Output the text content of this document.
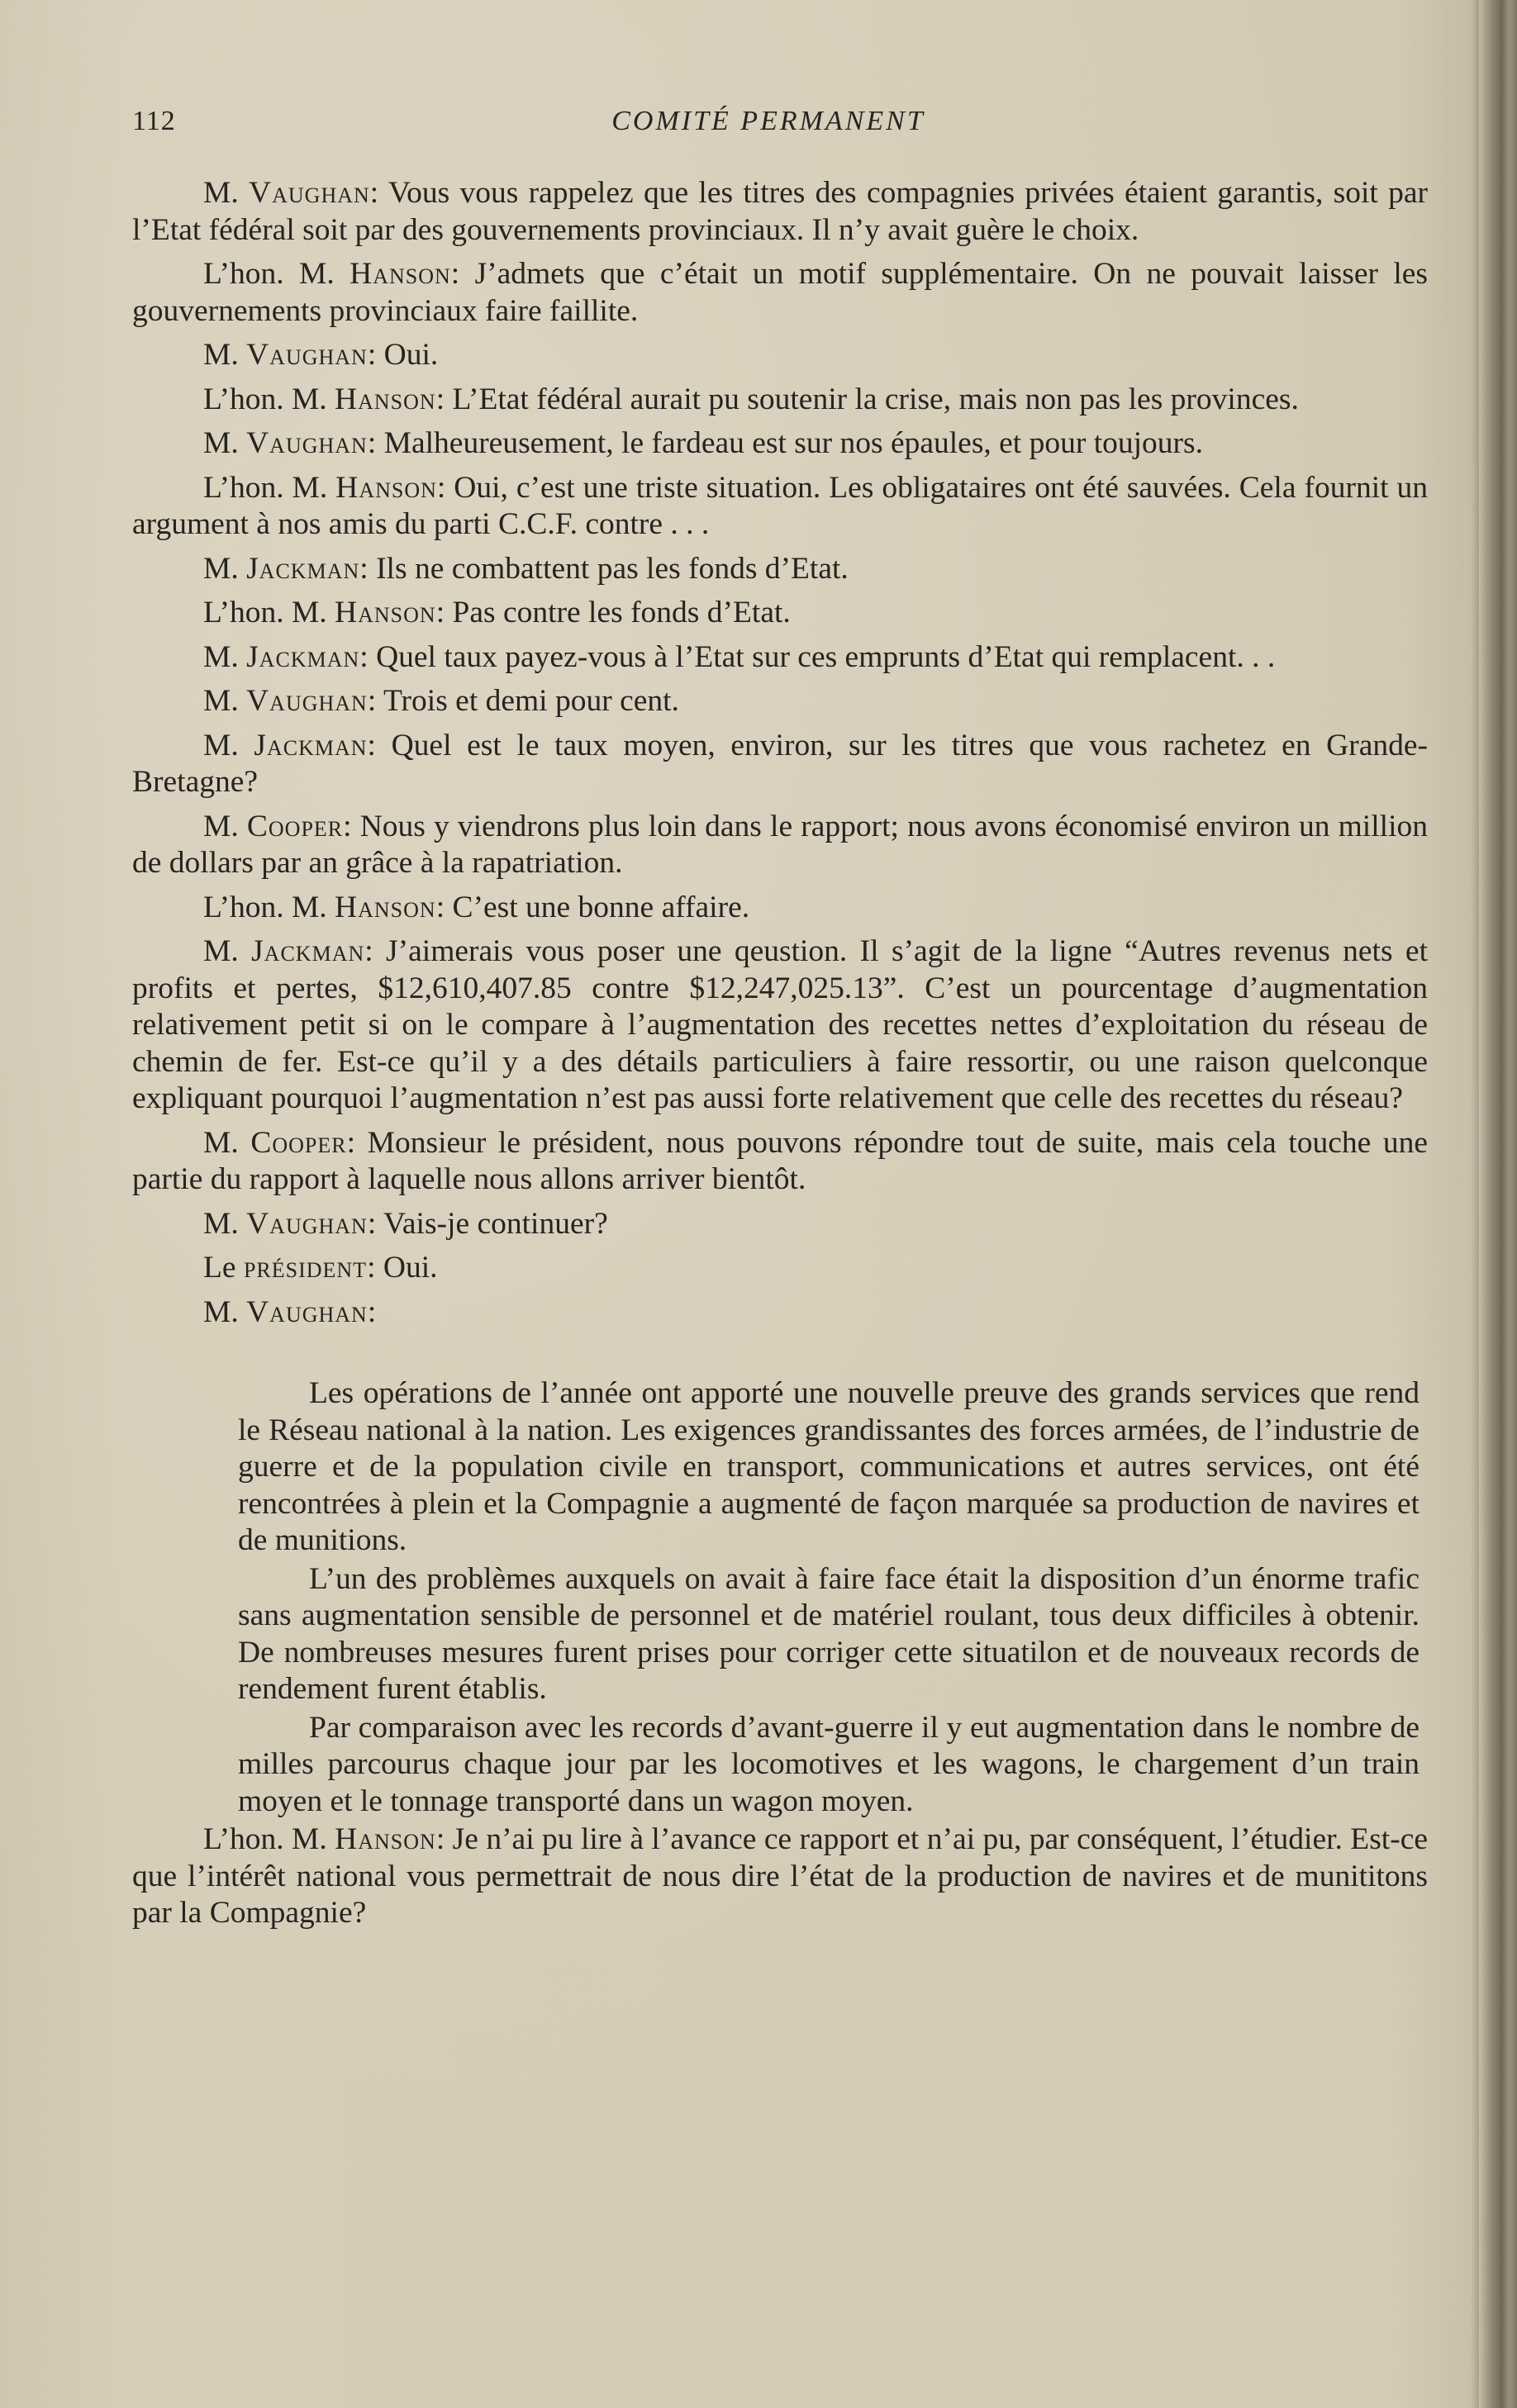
112	COMITÉ PERMANENT

M. Vaughan: Vous vous rappelez que les titres des compagnies privées étaient garantis, soit par l’Etat fédéral soit par des gouvernements provinciaux. Il n’y avait guère le choix.

L’hon. M. Hanson: J’admets que c’était un motif supplémentaire. On ne pouvait laisser les gouvernements provinciaux faire faillite.

M. Vaughan: Oui.

L’hon. M. Hanson: L’Etat fédéral aurait pu soutenir la crise, mais non pas les provinces.

M. Vaughan: Malheureusement, le fardeau est sur nos épaules, et pour toujours.

L’hon. M. Hanson: Oui, c’est une triste situation. Les obligataires ont été sauvées. Cela fournit un argument à nos amis du parti C.C.F. contre . . .

M. Jackman: Ils ne combattent pas les fonds d’Etat.

L’hon. M. Hanson: Pas contre les fonds d’Etat.

M. Jackman: Quel taux payez-vous à l’Etat sur ces emprunts d’Etat qui remplacent. . .

M. Vaughan: Trois et demi pour cent.

M. Jackman: Quel est le taux moyen, environ, sur les titres que vous rachetez en Grande-Bretagne?

M. Cooper: Nous y viendrons plus loin dans le rapport; nous avons économisé environ un million de dollars par an grâce à la rapatriation.

L’hon. M. Hanson: C’est une bonne affaire.

M. Jackman: J’aimerais vous poser une qeustion. Il s’agit de la ligne “Autres revenus nets et profits et pertes, $12,610,407.85 contre $12,247,025.13”. C’est un pourcentage d’augmentation relativement petit si on le compare à l’augmentation des recettes nettes d’exploitation du réseau de chemin de fer. Est-ce qu’il y a des détails particuliers à faire ressortir, ou une raison quelconque expliquant pourquoi l’augmentation n’est pas aussi forte relativement que celle des recettes du réseau?

M. Cooper: Monsieur le président, nous pouvons répondre tout de suite, mais cela touche une partie du rapport à laquelle nous allons arriver bientôt.

M. Vaughan: Vais-je continuer?

Le président: Oui.

M. Vaughan:

Les opérations de l’année ont apporté une nouvelle preuve des grands services que rend le Réseau national à la nation. Les exigences grandissantes des forces armées, de l’industrie de guerre et de la population civile en transport, communications et autres services, ont été rencontrées à plein et la Compagnie a augmenté de façon marquée sa production de navires et de munitions.

L’un des problèmes auxquels on avait à faire face était la disposition d’un énorme trafic sans augmentation sensible de personnel et de matériel roulant, tous deux difficiles à obtenir. De nombreuses mesures furent prises pour corriger cette situatilon et de nouveaux records de rendement furent établis.

Par comparaison avec les records d’avant-guerre il y eut augmentation dans le nombre de milles parcourus chaque jour par les locomotives et les wagons, le chargement d’un train moyen et le tonnage transporté dans un wagon moyen.

L’hon. M. Hanson: Je n’ai pu lire à l’avance ce rapport et n’ai pu, par conséquent, l’étudier. Est-ce que l’intérêt national vous permettrait de nous dire l’état de la production de navires et de munititons par la Compagnie?
